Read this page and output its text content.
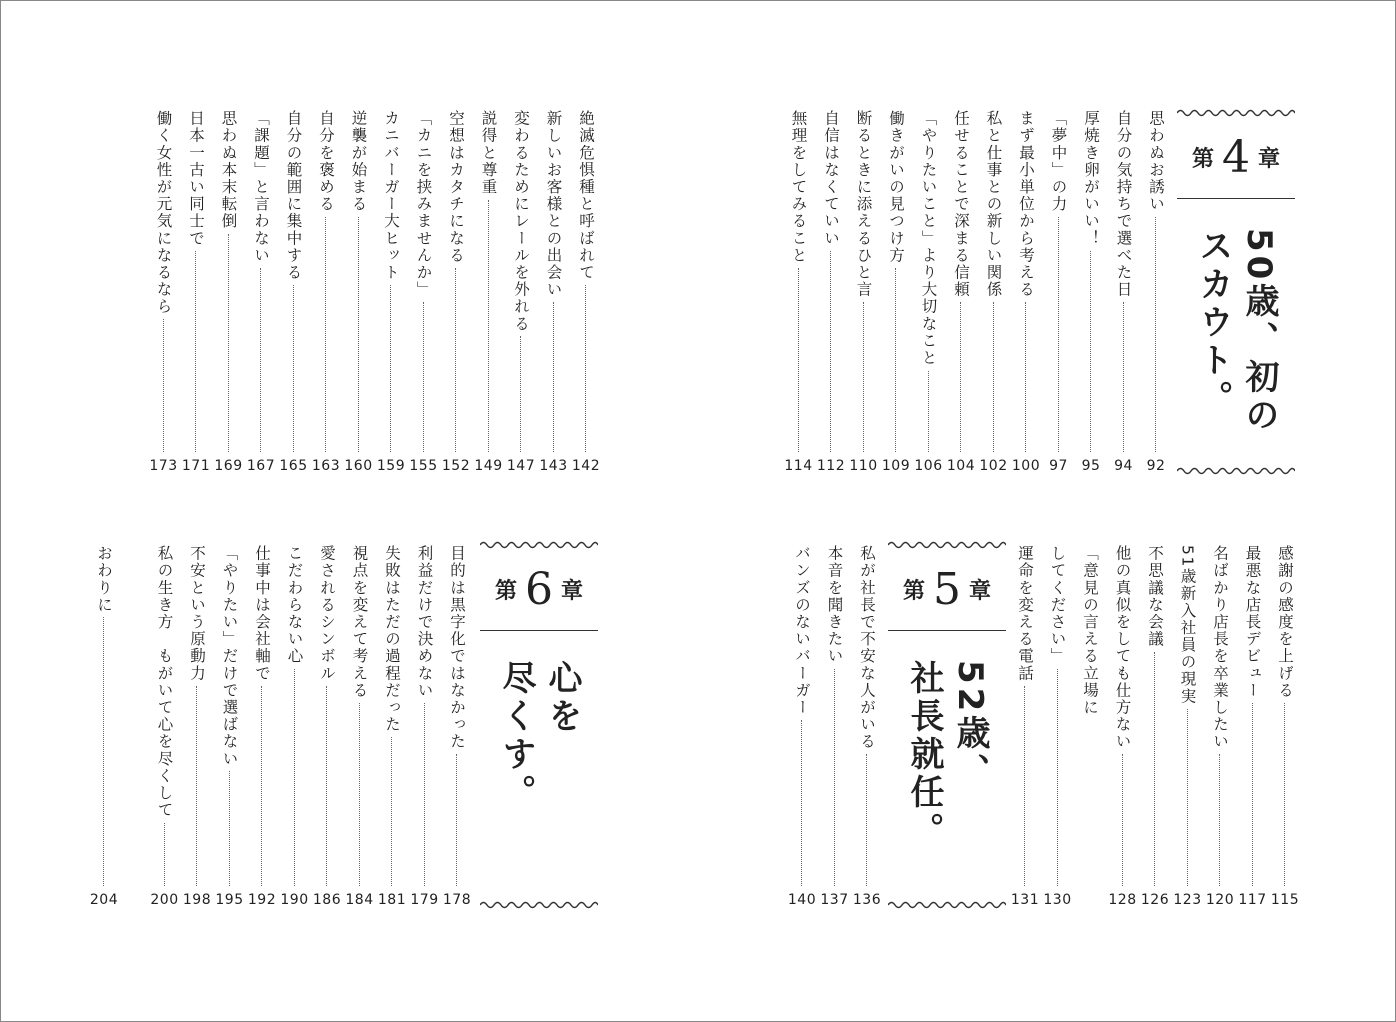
第 4 章
50歳、初の
スカウト。
第 5 章
52歳、
社長就任。
第 6 章
心を
尽くす。
思わぬお誘い
92
自分の気持ちで選べた日
94
厚焼き卵がいい！
95
「夢中」の力
97
まず最小単位から考える
100
私と仕事との新しい関係
102
任せることで深まる信頼
104
「やりたいこと」より大切なこと
106
働きがいの見つけ方
109
断るときに添えるひと言
110
自信はなくていい
112
無理をしてみること
114
絶滅危惧種と呼ばれて
142
新しいお客様との出会い
143
変わるためにレールを外れる
147
説得と尊重
149
空想はカタチになる
152
「カニを挟みませんか」
155
カニバーガー大ヒット
159
逆襲が始まる
160
自分を褒める
163
自分の範囲に集中する
165
「課題」と言わない
167
思わぬ本末転倒
169
日本一古い同士で
171
働く女性が元気になるなら
173
感謝の感度を上げる
115
最悪な店長デビュー
117
名ばかり店長を卒業したい
120
51歳新入社員の現実
123
不思議な会議
126
他の真似をしても仕方ない
128
「意見の言える立場に
してください」
130
運命を変える電話
131
私が社長で不安な人がいる
136
本音を聞きたい
137
バンズのないバーガー
140
目的は黒字化ではなかった
178
利益だけで決めない
179
失敗はただの過程だった
181
視点を変えて考える
184
愛されるシンボル
186
こだわらない心
190
仕事中は会社軸で
192
「やりたい」だけで選ばない
195
不安という原動力
198
私の生き方　もがいて心を尽くして
200
おわりに
204
